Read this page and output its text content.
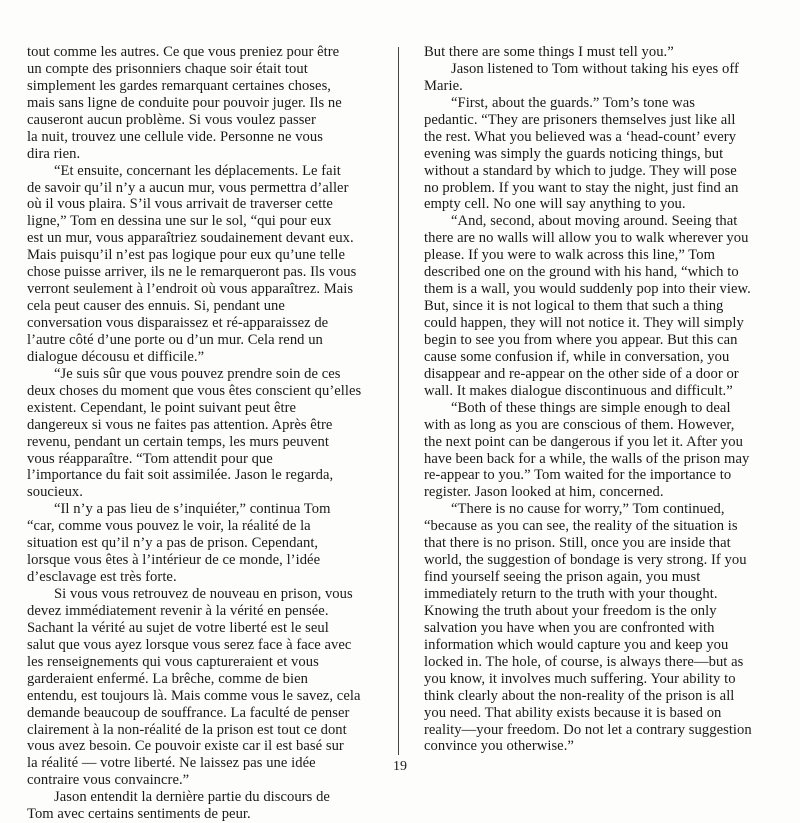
tout comme les autres. Ce que vous preniez pour être
un compte des prisonniers chaque soir était tout
simplement les gardes remarquant certaines choses,
mais sans ligne de conduite pour pouvoir juger. Ils ne
causeront aucun problème. Si vous voulez passer
la nuit, trouvez une cellule vide. Personne ne vous
dira rien.
“Et ensuite, concernant les déplacements. Le fait
de savoir qu’il n’y a aucun mur, vous permettra d’aller
où il vous plaira. S’il vous arrivait de traverser cette
ligne,” Tom en dessina une sur le sol, “qui pour eux
est un mur, vous apparaîtriez soudainement devant eux.
Mais puisqu’il n’est pas logique pour eux qu’une telle
chose puisse arriver, ils ne le remarqueront pas. Ils vous
verront seulement à l’endroit où vous apparaîtrez. Mais
cela peut causer des ennuis. Si, pendant une
conversation vous disparaissez et ré-apparaissez de
l’autre côté d’une porte ou d’un mur. Cela rend un
dialogue décousu et difficile.”
“Je suis sûr que vous pouvez prendre soin de ces
deux choses du moment que vous êtes conscient qu’elles
existent. Cependant, le point suivant peut être
dangereux si vous ne faites pas attention. Après être
revenu, pendant un certain temps, les murs peuvent
vous réapparaître. “Tom attendit pour que
l’importance du fait soit assimilée. Jason le regarda,
soucieux.
“Il n’y a pas lieu de s’inquiéter,” continua Tom
“car, comme vous pouvez le voir, la réalité de la
situation est qu’il n’y a pas de prison. Cependant,
lorsque vous êtes à l’intérieur de ce monde, l’idée
d’esclavage est très forte.
Si vous vous retrouvez de nouveau en prison, vous
devez immédiatement revenir à la vérité en pensée.
Sachant la vérité au sujet de votre liberté est le seul
salut que vous ayez lorsque vous serez face à face avec
les renseignements qui vous captureraient et vous
garderaient enfermé. La brêche, comme de bien
entendu, est toujours là. Mais comme vous le savez, cela
demande beaucoup de souffrance. La faculté de penser
clairement à la non-réalité de la prison est tout ce dont
vous avez besoin. Ce pouvoir existe car il est basé sur
la réalité — votre liberté. Ne laissez pas une idée
contraire vous convaincre.”
Jason entendit la dernière partie du discours de
Tom avec certains sentiments de peur.
But there are some things I must tell you.”
Jason listened to Tom without taking his eyes off
Marie.
“First, about the guards.” Tom’s tone was
pedantic. “They are prisoners themselves just like all
the rest. What you believed was a ‘head-count’ every
evening was simply the guards noticing things, but
without a standard by which to judge. They will pose
no problem. If you want to stay the night, just find an
empty cell. No one will say anything to you.
“And, second, about moving around. Seeing that
there are no walls will allow you to walk wherever you
please. If you were to walk across this line,” Tom
described one on the ground with his hand, “which to
them is a wall, you would suddenly pop into their view.
But, since it is not logical to them that such a thing
could happen, they will not notice it. They will simply
begin to see you from where you appear. But this can
cause some confusion if, while in conversation, you
disappear and re-appear on the other side of a door or
wall. It makes dialogue discontinuous and difficult.”
“Both of these things are simple enough to deal
with as long as you are conscious of them. However,
the next point can be dangerous if you let it. After you
have been back for a while, the walls of the prison may
re-appear to you.” Tom waited for the importance to
register. Jason looked at him, concerned.
“There is no cause for worry,” Tom continued,
“because as you can see, the reality of the situation is
that there is no prison. Still, once you are inside that
world, the suggestion of bondage is very strong. If you
find yourself seeing the prison again, you must
immediately return to the truth with your thought.
Knowing the truth about your freedom is the only
salvation you have when you are confronted with
information which would capture you and keep you
locked in. The hole, of course, is always there—but as
you know, it involves much suffering. Your ability to
think clearly about the non-reality of the prison is all
you need. That ability exists because it is based on
reality—your freedom. Do not let a contrary suggestion
convince you otherwise.”
19
